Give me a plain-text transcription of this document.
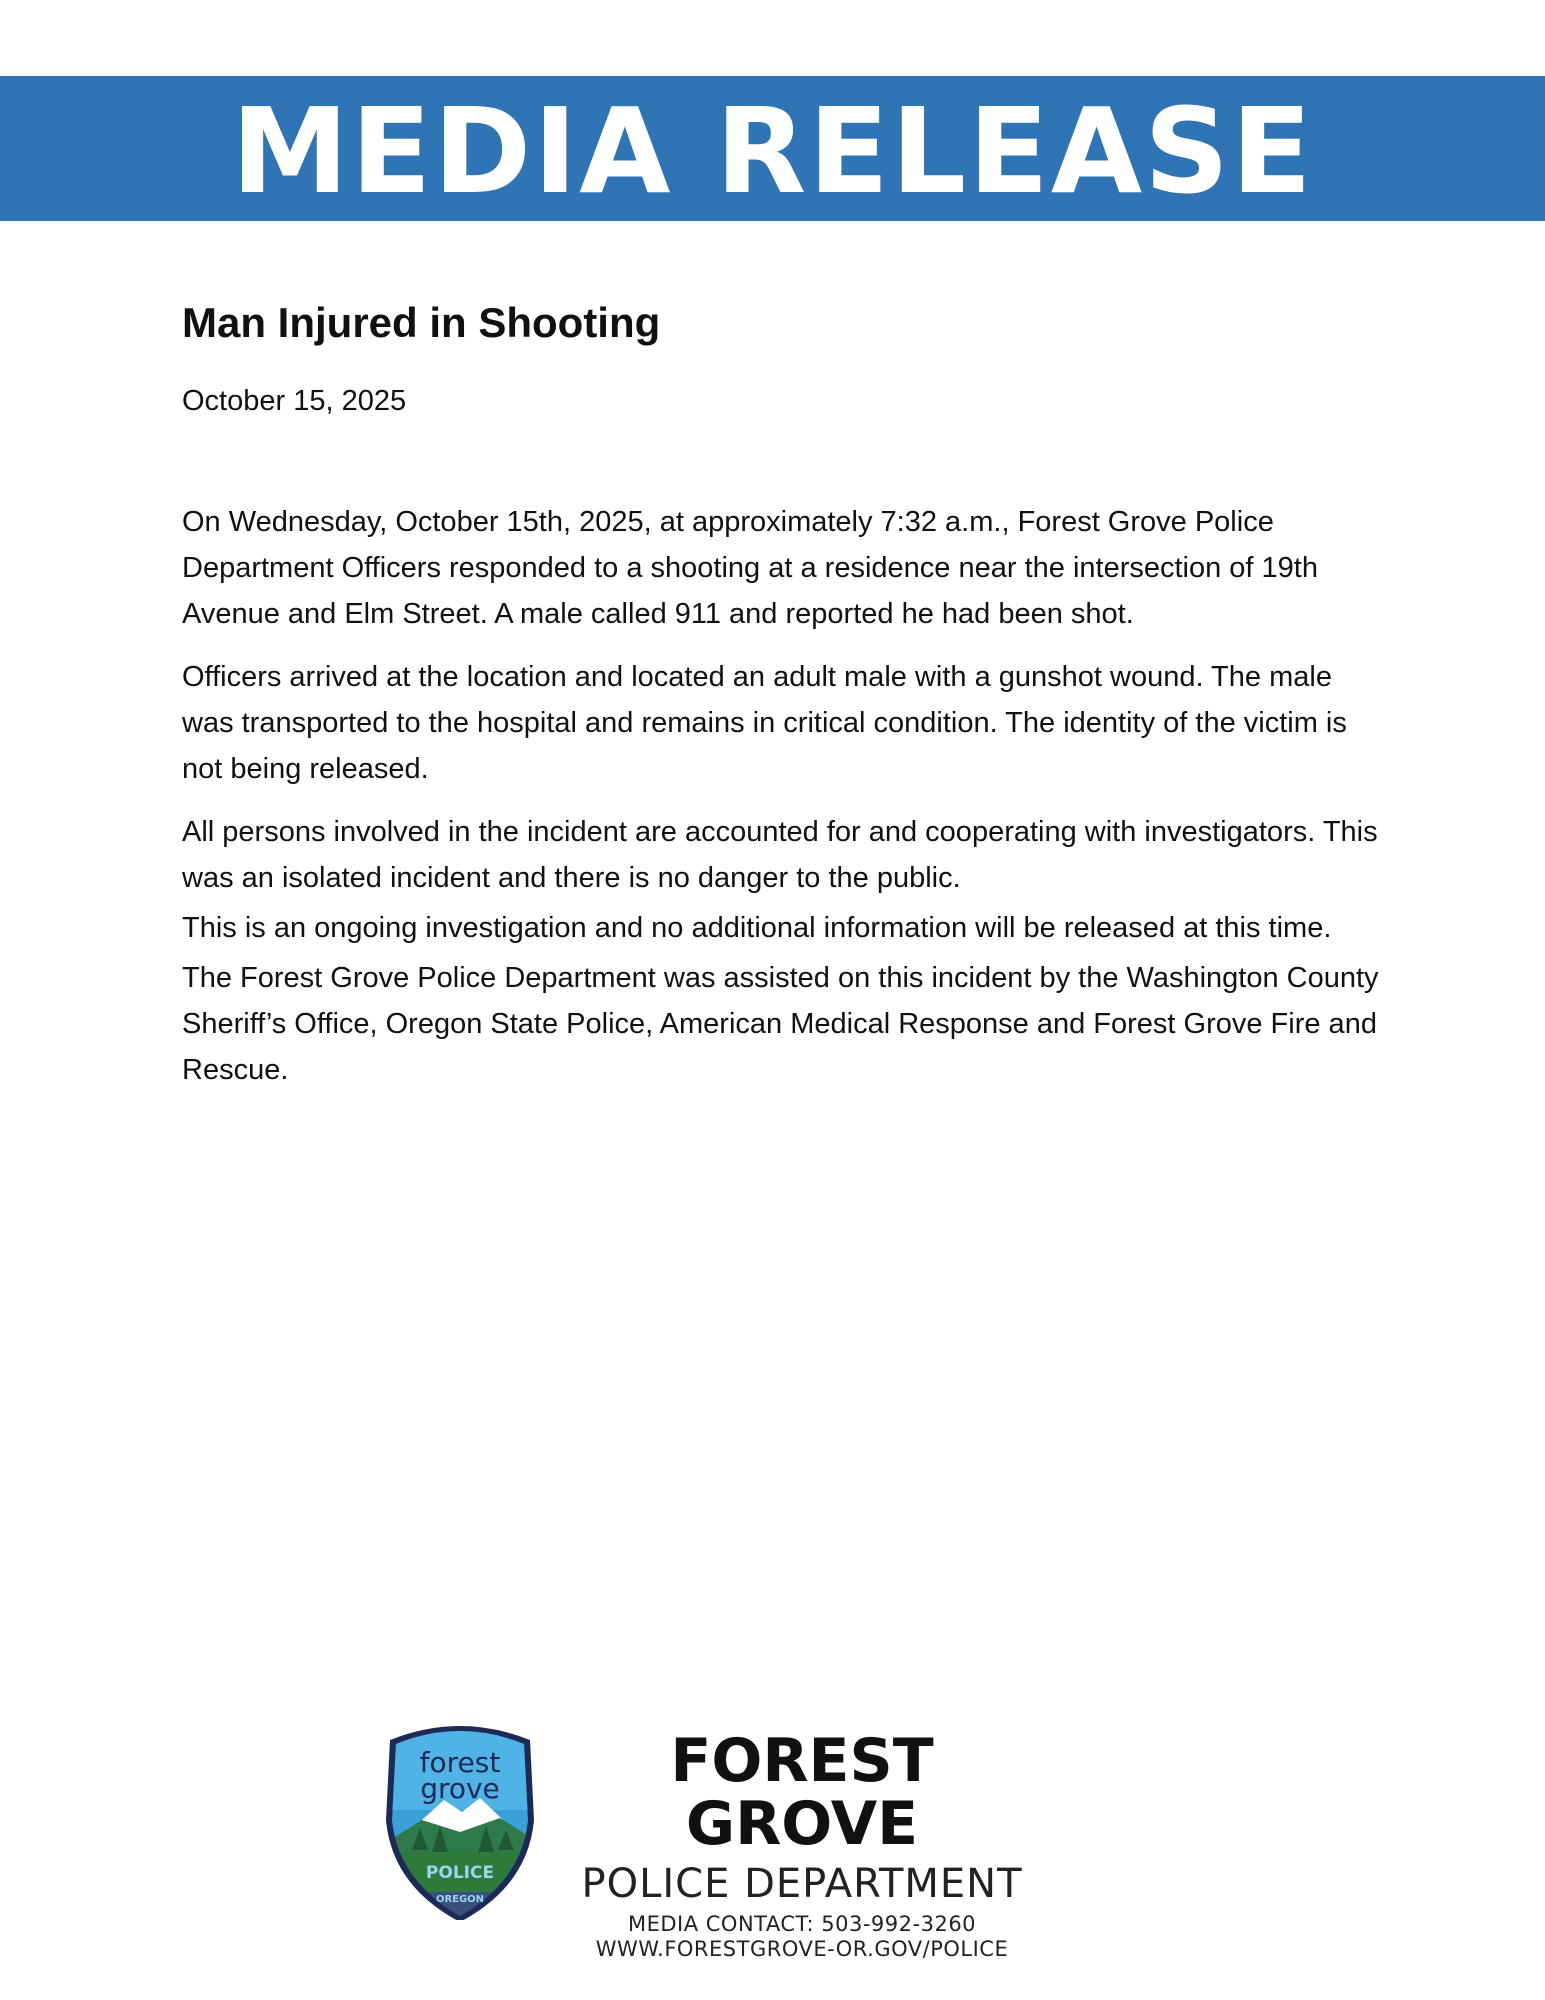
MEDIA RELEASE
Man Injured in Shooting
October 15, 2025

On Wednesday, October 15th, 2025, at approximately 7:32 a.m., Forest Grove Police Department Officers responded to a shooting at a residence near the intersection of 19th Avenue and Elm Street. A male called 911 and reported he had been shot.

Officers arrived at the location and located an adult male with a gunshot wound. The male was transported to the hospital and remains in critical condition. The identity of the victim is not being released.

All persons involved in the incident are accounted for and cooperating with investigators. This was an isolated incident and there is no danger to the public.

This is an ongoing investigation and no additional information will be released at this time.

The Forest Grove Police Department was assisted on this incident by the Washington County Sheriff’s Office, Oregon State Police, American Medical Response and Forest Grove Fire and Rescue.

forest
grove
POLICE
OREGON
FOREST GROVE
POLICE DEPARTMENT
MEDIA CONTACT: 503-992-3260
WWW.FORESTGROVE-OR.GOV/POLICE
